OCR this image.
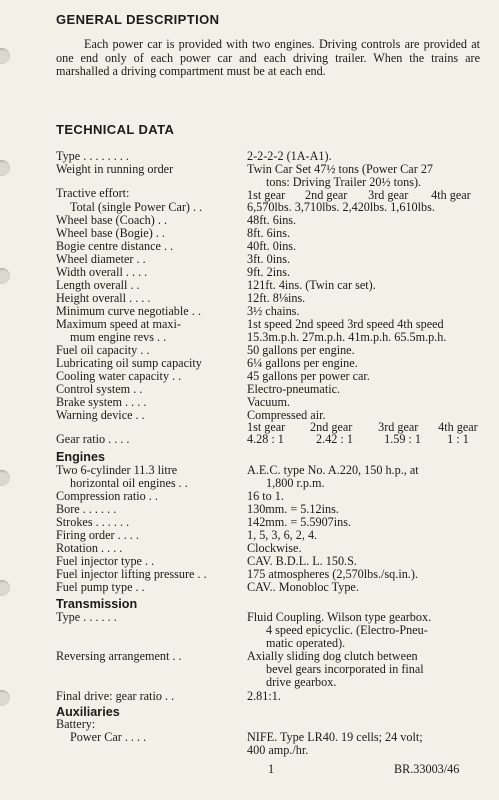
GENERAL DESCRIPTION

Each power car is provided with two engines. Driving controls are provided at one end only of each power car and each driving trailer. When the trains are marshalled a driving compartment must be at each end.

TECHNICAL DATA
Type . . . . . . . .	2-2-2-2 (1A-A1).
Weight in running order	Twin Car Set 47½ tons (Power Car 27
tons: Driving Trailer 20½ tons).
Tractive effort:	1st gear 2nd gear 3rd gear 4th gear
Total (single Power Car) . .	6,570lbs. 3,710lbs. 2,420lbs. 1,610lbs.
Wheel base (Coach) . .	48ft. 6ins.
Wheel base (Bogie) . .	8ft. 6ins.
Bogie centre distance . .	40ft. 0ins.
Wheel diameter . .	3ft. 0ins.
Width overall . . . .	9ft. 2ins.
Length overall . .	121ft. 4ins. (Twin car set).
Height overall . . . .	12ft. 8⅛ins.
Minimum curve negotiable . .	3½ chains.
Maximum speed at maxi-	1st speed 2nd speed 3rd speed 4th speed
mum engine revs . .	15.3m.p.h. 27m.p.h. 41m.p.h. 65.5m.p.h.
Fuel oil capacity . .	50 gallons per engine.
Lubricating oil sump capacity	6¼ gallons per engine.
Cooling water capacity . .	45 gallons per power car.
Control system . .	Electro-pneumatic.
Brake system . . . .	Vacuum.
Warning device . .	Compressed air.
1st gear 2nd gear 3rd gear 4th gear
Gear ratio . . . .	4.28 : 1	2.42 : 1	1.59 : 1 1 : 1
Engines
Two 6-cylinder 11.3 litre	A.E.C. type No. A.220, 150 h.p., at
horizontal oil engines . .	1,800 r.p.m.
Compression ratio . .	16 to 1.
Bore . . . . . .	130mm. = 5.12ins.
Strokes . . . . . .	142mm. = 5.5907ins.
Firing order . . . .	1, 5, 3, 6, 2, 4.
Rotation . . . .	Clockwise.
Fuel injector type . .	CAV. B.D.L. L. 150.S.
Fuel injector lifting pressure . .	175 atmospheres (2,570lbs./sq.in.).
Fuel pump type . .	CAV.. Monobloc Type.
Transmission
Type . . . . . .	Fluid Coupling. Wilson type gearbox.
4 speed epicyclic. (Electro-Pneu-
matic operated).
Reversing arrangement . .	Axially sliding dog clutch between
bevel gears incorporated in final
drive gearbox.
Final drive: gear ratio . .	2.81:1.
Auxiliaries
Battery:
Power Car . . . .	NIFE. Type LR40. 19 cells; 24 volt;
400 amp./hr.
1	BR.33003/46
